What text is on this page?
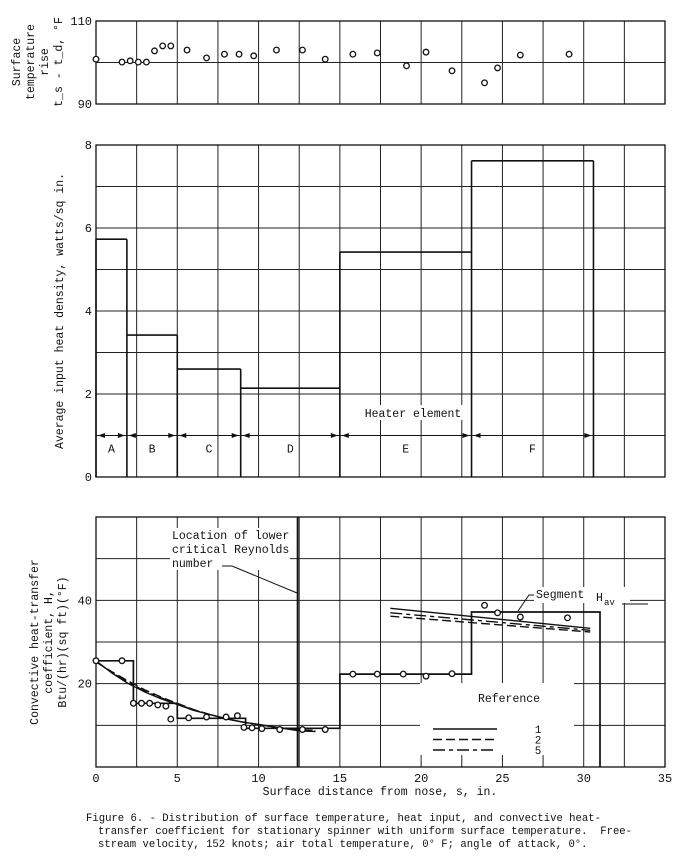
90
110
Surface temperature rise t_s - t_d, °F
0
2
4
6
8
Average input heat density, watts/sq in.
A	B	C	D	E	F
Heater element
20
40
Convective heat-transfer coefficient, H, Btu/(hr)(sq ft)(°F)
Location of lower
critical Reynolds
number
Segment H av
Reference
1
2
5
0	5	10	15	20	25	30	35
Surface distance from nose, s, in.
Figure 6. - Distribution of surface temperature, heat input, and convective heat-
transfer coefficient for stationary spinner with uniform surface temperature.  Free-
stream velocity, 152 knots; air total temperature, 0° F; angle of attack, 0°.
